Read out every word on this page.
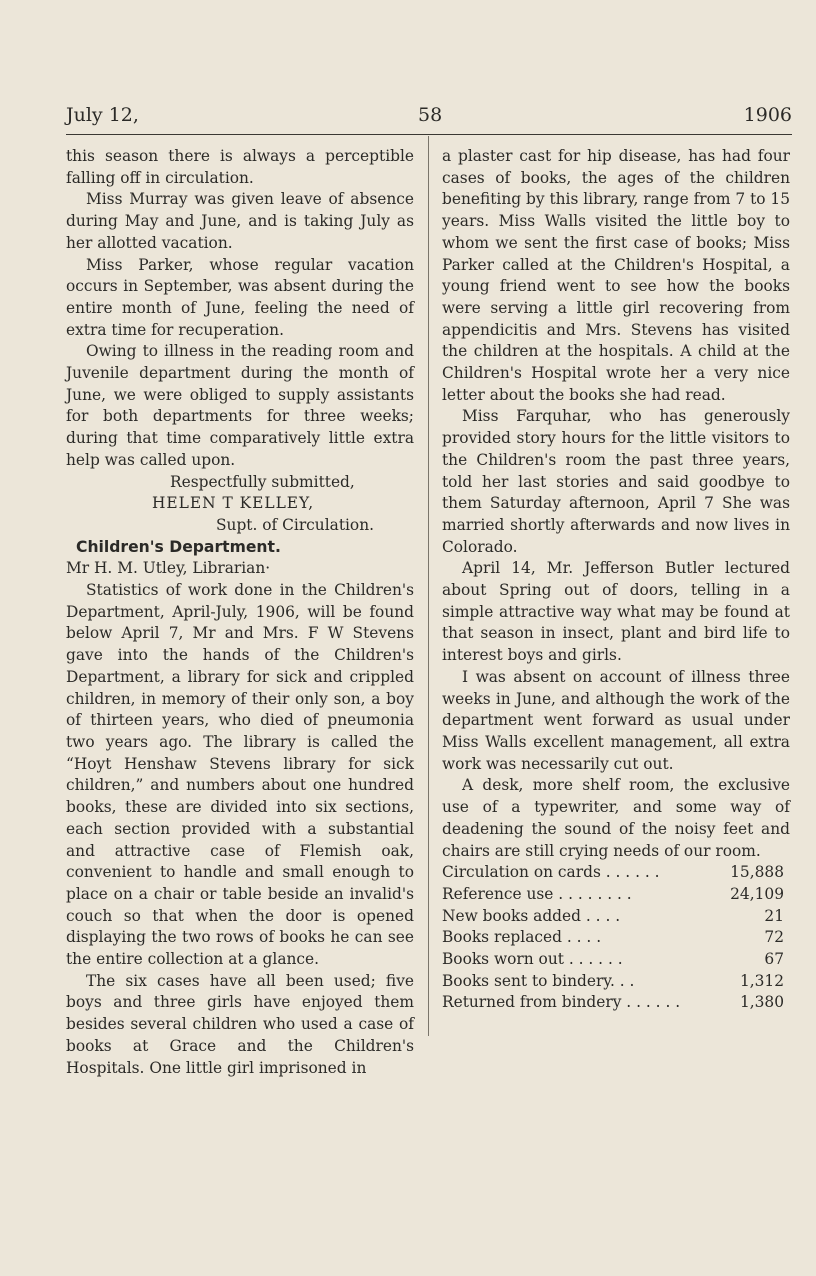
July 12,	58	1906

this season there is always a perceptible falling off in circulation.

Miss Murray was given leave of absence during May and June, and is taking July as her allotted vacation.

Miss Parker, whose regular vacation occurs in September, was absent during the entire month of June, feeling the need of extra time for recuperation.

Owing to illness in the reading room and Juvenile department during the month of June, we were obliged to supply assistants for both departments for three weeks; during that time comparatively little extra help was called upon.

Respectfully submitted,

HELEN T KELLEY,

Supt. of Circulation.

Children's Department.

Mr H. M. Utley, Librarian·

Statistics of work done in the Children's Department, April-July, 1906, will be found below April 7, Mr and Mrs. F W Stevens gave into the hands of the Children's Department, a library for sick and crippled children, in memory of their only son, a boy of thirteen years, who died of pneumonia two years ago. The library is called the “Hoyt Henshaw Stevens library for sick children,” and numbers about one hundred books, these are divided into six sections, each section provided with a substantial and attractive case of Flemish oak, convenient to handle and small enough to place on a chair or table beside an invalid's couch so that when the door is opened displaying the two rows of books he can see the entire collection at a glance.

The six cases have all been used; five boys and three girls have enjoyed them besides several children who used a case of books at Grace and the Children's Hospitals. One little girl imprisoned in

a plaster cast for hip disease, has had four cases of books, the ages of the children benefiting by this library, range from 7 to 15 years. Miss Walls visited the little boy to whom we sent the first case of books; Miss Parker called at the Children's Hospital, a young friend went to see how the books were serving a little girl recovering from appendicitis and Mrs. Stevens has visited the children at the hospitals. A child at the Children's Hospital wrote her a very nice letter about the books she had read.

Miss Farquhar, who has generously provided story hours for the little visitors to the Children's room the past three years, told her last stories and said goodbye to them Saturday afternoon, April 7 She was married shortly afterwards and now lives in Colorado.

April 14, Mr. Jefferson Butler lectured about Spring out of doors, telling in a simple attractive way what may be found at that season in insect, plant and bird life to interest boys and girls.

I was absent on account of illness three weeks in June, and although the work of the department went forward as usual under Miss Walls excellent management, all extra work was necessarily cut out.

A desk, more shelf room, the exclusive use of a typewriter, and some way of deadening the sound of the noisy feet and chairs are still crying needs of our room.

Circulation on cards . . . . . .	15,888
Reference use . . . . . . . .	24,109
New books added . . . .	21
Books replaced . . . .	72
Books worn out . . . . . .	67
Books sent to bindery. . .	1,312
Returned from bindery . . . . . .	1,380
